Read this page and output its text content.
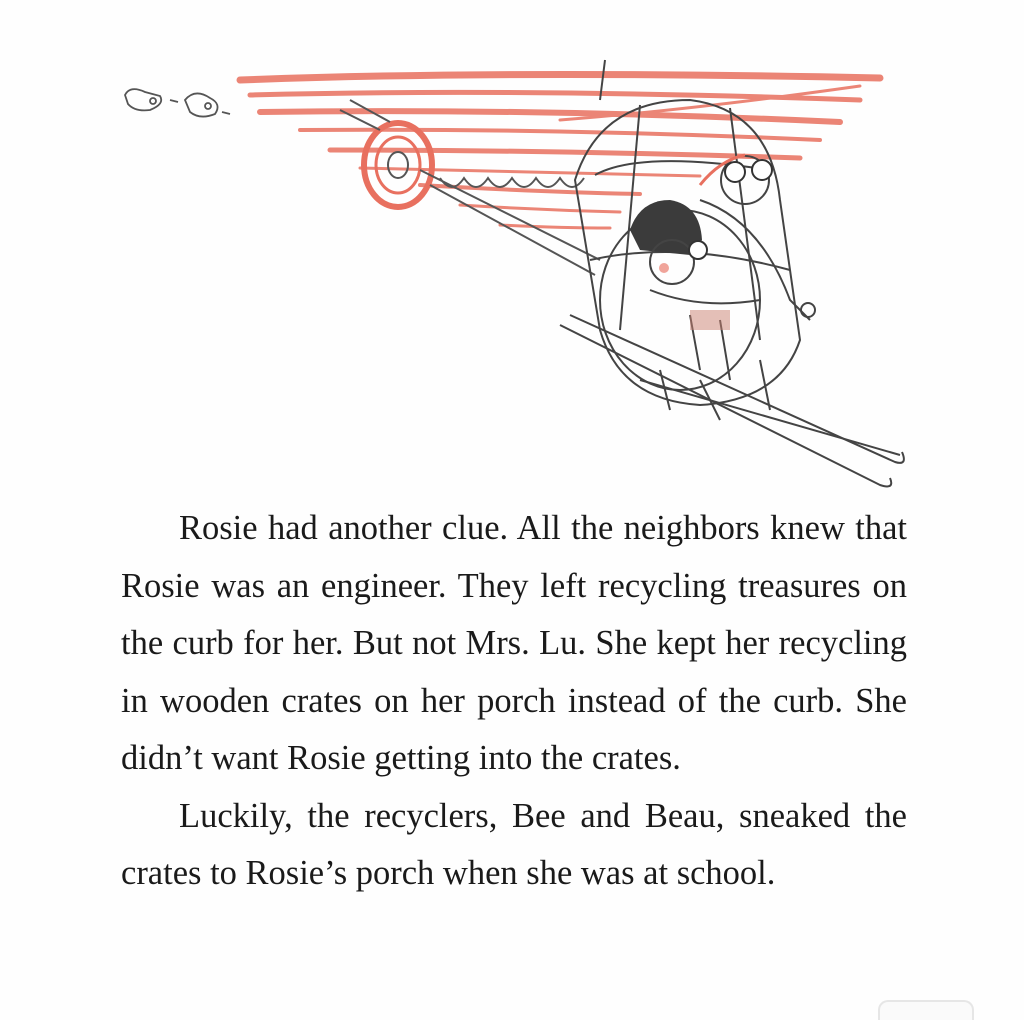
Rosie had another clue. All the neighbors knew that Rosie was an engineer. They left recycling treasures on the curb for her. But not Mrs. Lu. She kept her recycling in wooden crates on her porch instead of the curb. She didn’t want Rosie getting into the crates.

Luckily, the recyclers, Bee and Beau, sneaked the crates to Rosie’s porch when she was at school.
